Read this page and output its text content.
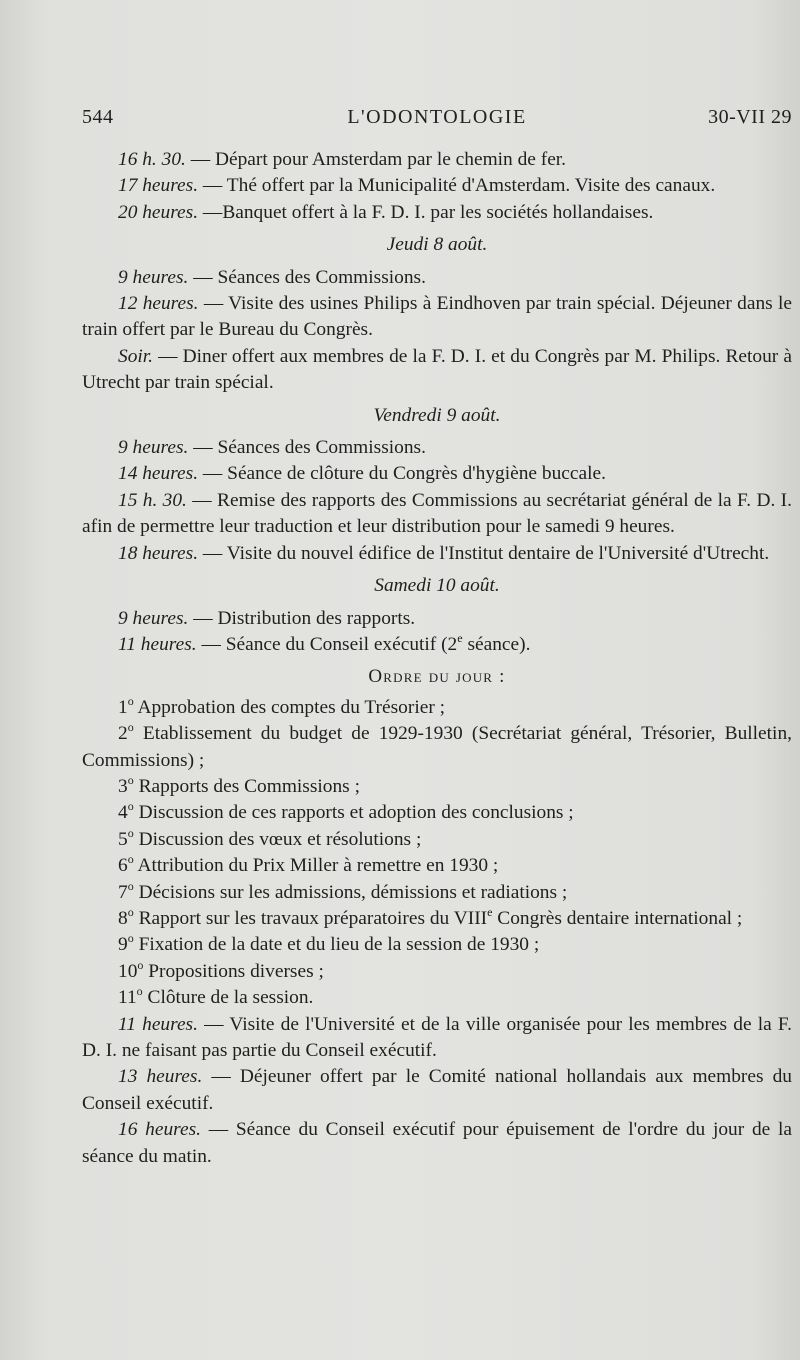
544	L'ODONTOLOGIE	30-VII 29

16 h. 30. — Départ pour Amsterdam par le chemin de fer.

17 heures. — Thé offert par la Municipalité d'Amsterdam. Visite des canaux.

20 heures. —Banquet offert à la F. D. I. par les sociétés hollandaises.

Jeudi 8 août.

9 heures. — Séances des Commissions.

12 heures. — Visite des usines Philips à Eindhoven par train spécial. Déjeuner dans le train offert par le Bureau du Congrès.

Soir. — Diner offert aux membres de la F. D. I. et du Congrès par M. Philips. Retour à Utrecht par train spécial.

Vendredi 9 août.

9 heures. — Séances des Commissions.

14 heures. — Séance de clôture du Congrès d'hygiène buccale.

15 h. 30. — Remise des rapports des Commissions au secrétariat général de la F. D. I. afin de permettre leur traduction et leur distribution pour le samedi 9 heures.

18 heures. — Visite du nouvel édifice de l'Institut dentaire de l'Université d'Utrecht.

Samedi 10 août.

9 heures. — Distribution des rapports.

11 heures. — Séance du Conseil exécutif (2e séance).

Ordre du jour :

1$^o$ Approbation des comptes du Trésorier ;

2$^o$ Etablissement du budget de 1929-1930 (Secrétariat général, Trésorier, Bulletin, Commissions) ;

3$^o$ Rapports des Commissions ;

4$^o$ Discussion de ces rapports et adoption des conclusions ;

5$^o$ Discussion des vœux et résolutions ;

6$^o$ Attribution du Prix Miller à remettre en 1930 ;

7$^o$ Décisions sur les admissions, démissions et radiations ;

8$^o$ Rapport sur les travaux préparatoires du VIIIe Congrès dentaire international ;

9$^o$ Fixation de la date et du lieu de la session de 1930 ;

10$^o$ Propositions diverses ;

11$^o$ Clôture de la session.

11 heures. — Visite de l'Université et de la ville organisée pour les membres de la F. D. I. ne faisant pas partie du Conseil exécutif.

13 heures. — Déjeuner offert par le Comité national hollandais aux membres du Conseil exécutif.

16 heures. — Séance du Conseil exécutif pour épuisement de l'ordre du jour de la séance du matin.
